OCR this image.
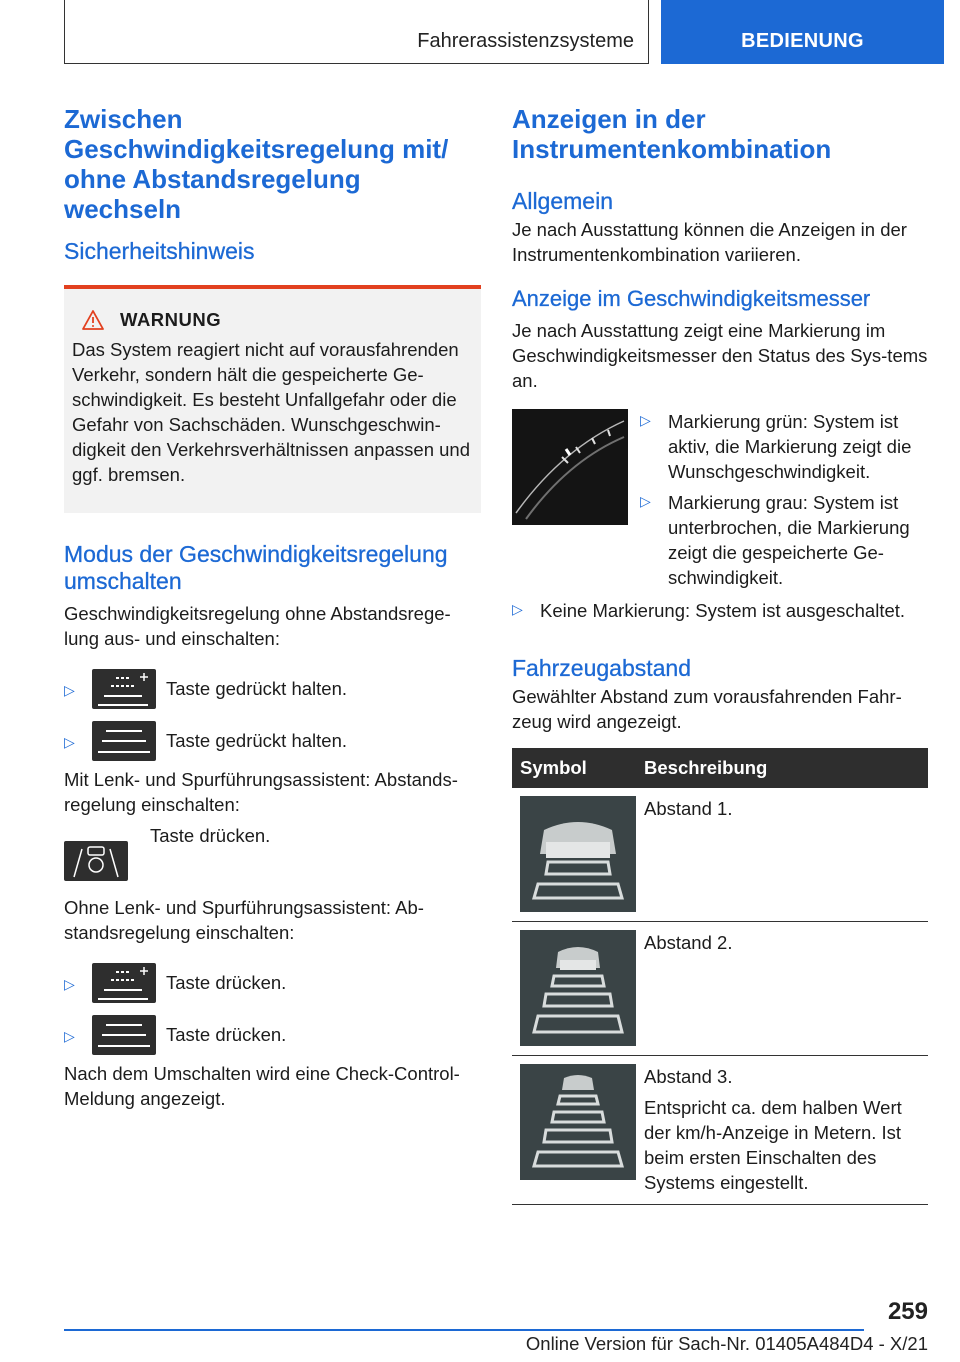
Fahrerassistenzsysteme	BEDIENUNG
Zwischen Geschwindigkeitsregelung mit/ ohne Abstandsregelung wechseln
Sicherheitshinweis
WARNUNG

Das System reagiert nicht auf vorausfahrenden Verkehr, sondern hält die gespeicherte Ge-schwindigkeit. Es besteht Unfallgefahr oder die Gefahr von Sachschäden. Wunschgeschwin-digkeit den Verkehrsverhältnissen anpassen und ggf. bremsen.

Modus der Geschwindigkeitsregelung umschalten

Geschwindigkeitsregelung ohne Abstandsrege-lung aus- und einschalten:

▷	Taste gedrückt halten.
▷	Taste gedrückt halten.

Mit Lenk- und Spurführungsassistent: Abstands-regelung einschalten:

Taste drücken.

Ohne Lenk- und Spurführungsassistent: Ab-standsregelung einschalten:

▷	Taste drücken.
▷	Taste drücken.

Nach dem Umschalten wird eine Check-Control-Meldung angezeigt.

Anzeigen in der Instrumentenkombination
Allgemein

Je nach Ausstattung können die Anzeigen in der Instrumentenkombination variieren.

Anzeige im Geschwindigkeitsmesser

Je nach Ausstattung zeigt eine Markierung im Geschwindigkeitsmesser den Status des Sys-tems an.

▷ Markierung grün: System ist aktiv, die Markierung zeigt die Wunschgeschwindigkeit.

▷ Markierung grau: System ist unterbrochen, die Markierung zeigt die gespeicherte Ge-schwindigkeit.

▷ Keine Markierung: System ist ausgeschaltet.

Fahrzeugabstand

Gewählter Abstand zum vorausfahrenden Fahr-zeug wird angezeigt.

Symbol	Beschreibung

Abstand 1.

Abstand 2.

Abstand 3.

Entspricht ca. dem halben Wert der km/h-Anzeige in Metern. Ist beim ersten Einschalten des Systems eingestellt.

259
Online Version für Sach-Nr. 01405A484D4 - X/21
